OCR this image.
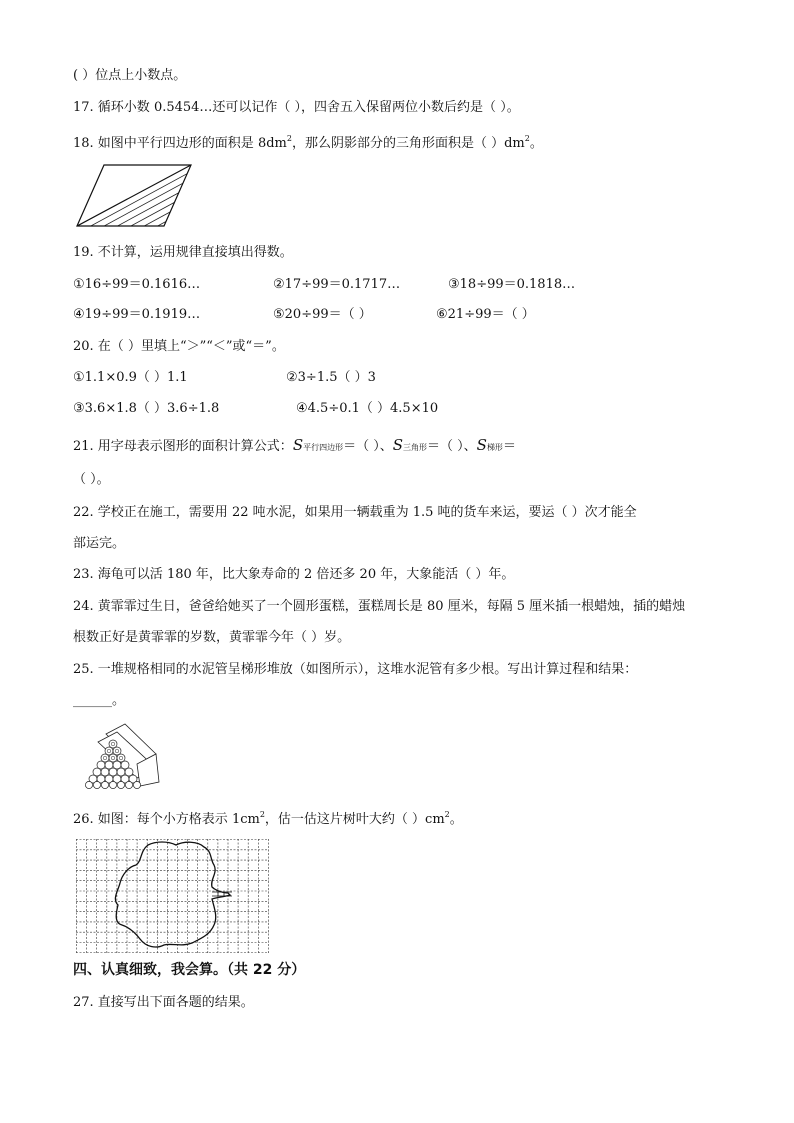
( ）位点上小数点。
17. 循环小数 0.5454…还可以记作（ ），四舍五入保留两位小数后约是（ ）。
18. 如图中平行四边形的面积是 $8dm^2$，那么阴影部分的三角形面积是（ ）$dm^2$。
19. 不计算，运用规律直接填出得数。
①16÷99＝0.1616…	②17÷99＝0.1717…	③18÷99＝0.1818…
④19÷99＝0.1919…	⑤20÷99＝（ ）	⑥21÷99＝（ ）
20. 在（ ）里填上“＞”“＜”或“＝”。
①1.1×0.9（ ）1.1	②3÷1.5（ ）3
③3.6×1.8（ ）3.6÷1.8	④4.5÷0.1（ ）4.5×10
21. 用字母表示图形的面积计算公式：S平行四边形＝（ ）、S三角形＝（ ）、S梯形＝
（ ）。
22. 学校正在施工，需要用 22 吨水泥，如果用一辆载重为 1.5 吨的货车来运，要运（ ）次才能全
部运完。
23. 海龟可以活 180 年，比大象寿命的 2 倍还多 20 年，大象能活（ ）年。
24. 黄霏霏过生日，爸爸给她买了一个圆形蛋糕，蛋糕周长是 80 厘米，每隔 5 厘米插一根蜡烛，插的蜡烛
根数正好是黄霏霏的岁数，黄霏霏今年（ ）岁。
25. 一堆规格相同的水泥管呈梯形堆放（如图所示），这堆水泥管有多少根。写出计算过程和结果：
______。
26. 如图：每个小方格表示 $1cm^2$，估一估这片树叶大约（ ）$cm^2$。
四、认真细致，我会算。（共 22 分）
27. 直接写出下面各题的结果。
